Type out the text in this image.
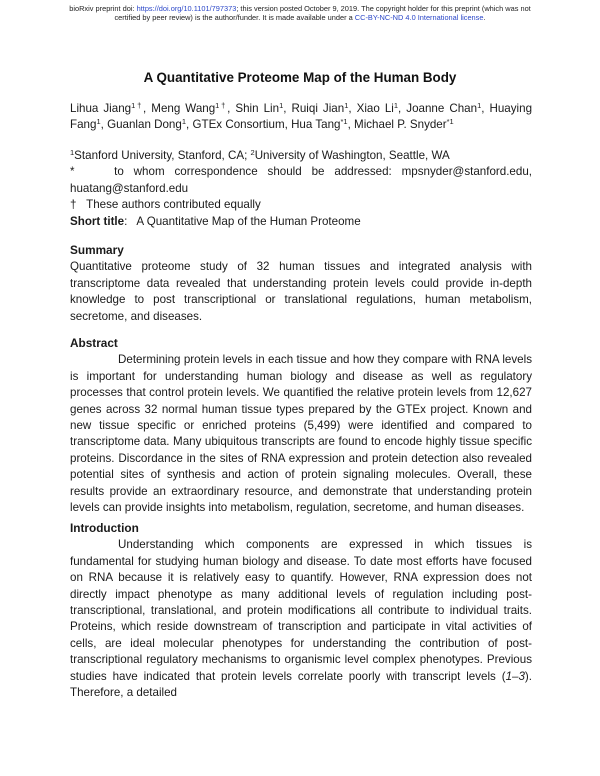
bioRxiv preprint doi: https://doi.org/10.1101/797373; this version posted October 9, 2019. The copyright holder for this preprint (which was not
certified by peer review) is the author/funder. It is made available under a CC-BY-NC-ND 4.0 International license.
A Quantitative Proteome Map of the Human Body
Lihua Jiang$^{1\dagger}$, Meng Wang$^{1\dagger}$, Shin Lin$^1$, Ruiqi Jian$^1$, Xiao Li$^1$, Joanne Chan$^1$, Huaying Fang$^1$, Guanlan Dong$^1$, GTEx Consortium, Hua Tang$^{*1}$, Michael P. Snyder$^{*1}$

$^1$Stanford University, Stanford, CA; $^2$University of Washington, Seattle, WA

*	to whom correspondence should be addressed: mpsnyder@stanford.edu, huatang@stanford.edu

† These authors contributed equally

Short title: A Quantitative Map of the Human Proteome

Summary

Quantitative proteome study of 32 human tissues and integrated analysis with transcriptome data revealed that understanding protein levels could provide in-depth knowledge to post transcriptional or translational regulations, human metabolism, secretome, and diseases.

Abstract

Determining protein levels in each tissue and how they compare with RNA levels is important for understanding human biology and disease as well as regulatory processes that control protein levels. We quantified the relative protein levels from 12,627 genes across 32 normal human tissue types prepared by the GTEx project. Known and new tissue specific or enriched proteins (5,499) were identified and compared to transcriptome data. Many ubiquitous transcripts are found to encode highly tissue specific proteins. Discordance in the sites of RNA expression and protein detection also revealed potential sites of synthesis and action of protein signaling molecules. Overall, these results provide an extraordinary resource, and demonstrate that understanding protein levels can provide insights into metabolism, regulation, secretome, and human diseases.

Introduction

Understanding which components are expressed in which tissues is fundamental for studying human biology and disease. To date most efforts have focused on RNA because it is relatively easy to quantify. However, RNA expression does not directly impact phenotype as many additional levels of regulation including post-transcriptional, translational, and protein modifications all contribute to individual traits. Proteins, which reside downstream of transcription and participate in vital activities of cells, are ideal molecular phenotypes for understanding the contribution of post-transcriptional regulatory mechanisms to organismic level complex phenotypes. Previous studies have indicated that protein levels correlate poorly with transcript levels (1–3). Therefore, a detailed
